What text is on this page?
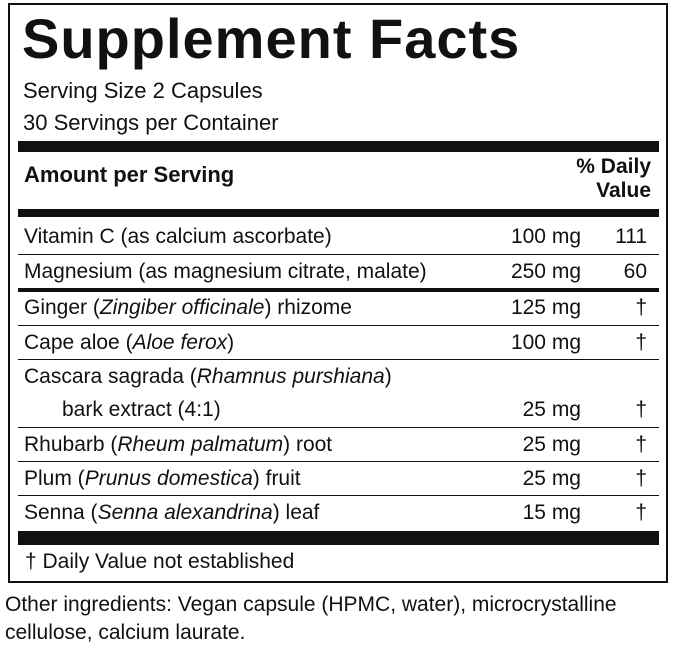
Supplement Facts
Serving Size 2 Capsules
30 Servings per Container
Amount per Serving	% Daily
Value
Vitamin C (as calcium ascorbate)	100 mg 111
Magnesium (as magnesium citrate, malate)	250 mg 60
Ginger (Zingiber officinale) rhizome	125 mg	†
Cape aloe (Aloe ferox)	100 mg	†
Cascara sagrada (Rhamnus purshiana)
bark extract (4:1)	25 mg	†
Rhubarb (Rheum palmatum) root	25 mg	†
Plum (Prunus domestica) fruit	25 mg	†
Senna (Senna alexandrina) leaf	15 mg	†
† Daily Value not established
Other ingredients: Vegan capsule (HPMC, water), microcrystalline cellulose, calcium laurate.
